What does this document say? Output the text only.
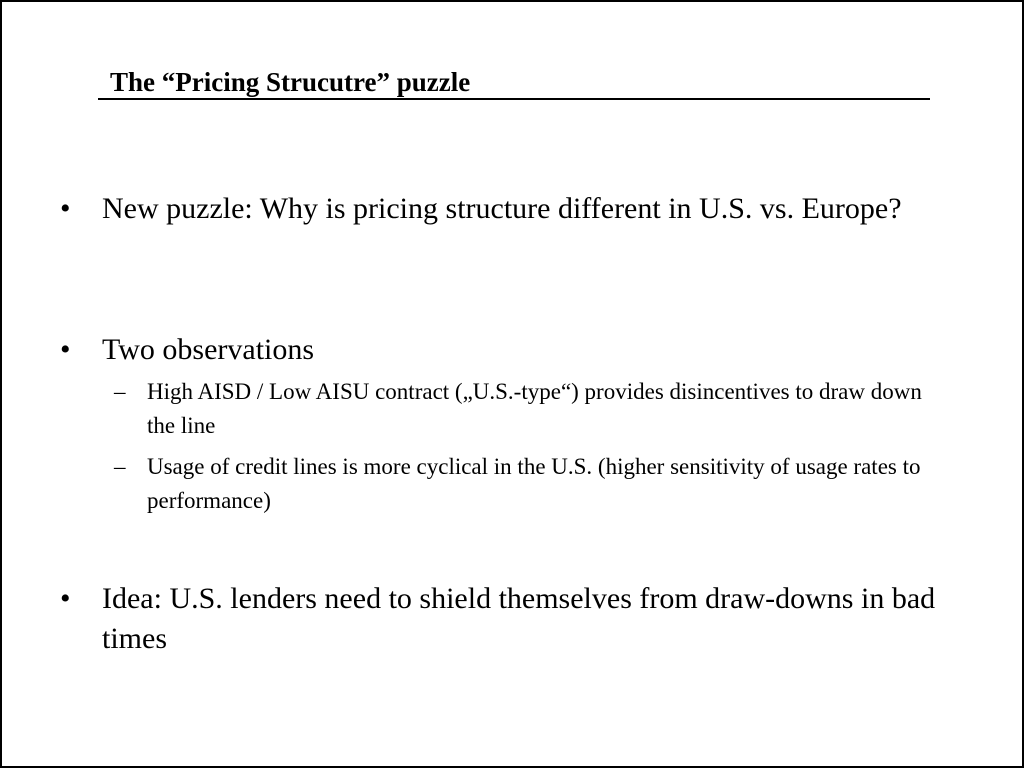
The “Pricing Strucutre” puzzle
•	New puzzle: Why is pricing structure different in U.S. vs. Europe?
•	Two observations
– High AISD / Low AISU contract („U.S.-type“) provides disincentives to draw down the line
– Usage of credit lines is more cyclical in the U.S. (higher sensitivity of usage rates to performance)
•	Idea: U.S. lenders need to shield themselves from draw-downs in bad times
